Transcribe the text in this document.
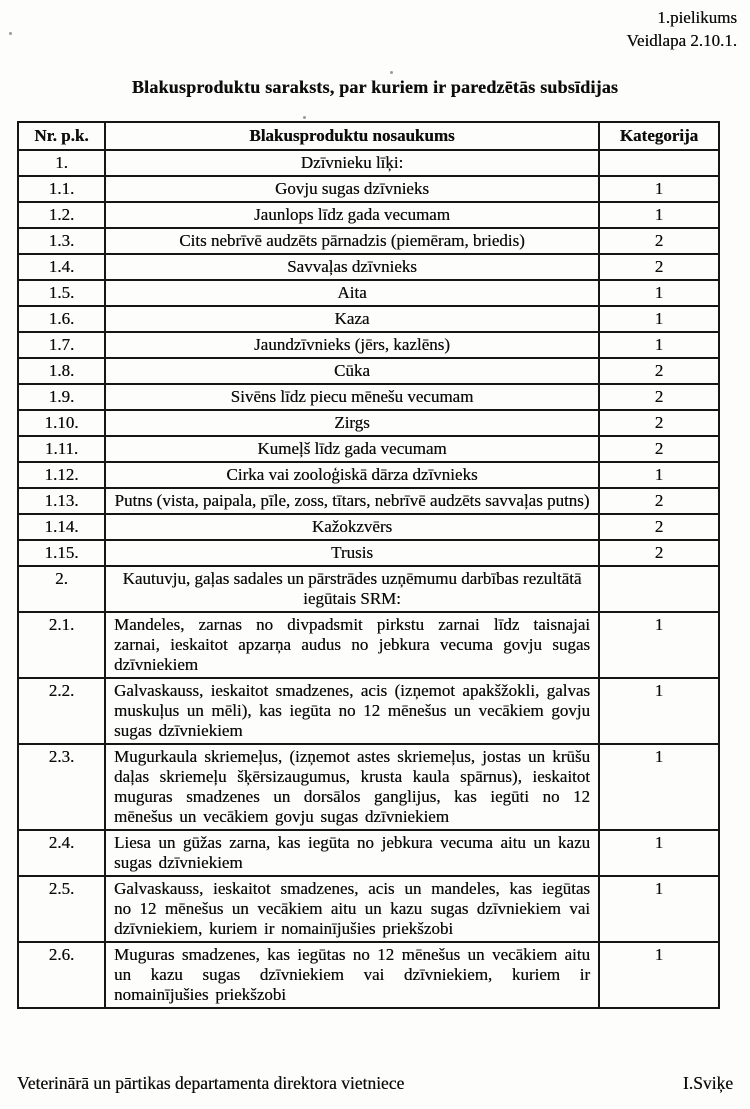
1.pielikums
Veidlapa 2.10.1.
Blakusproduktu saraksts, par kuriem ir paredzētās subsīdijas
Nr. p.k.	Blakusproduktu nosaukums	Kategorija
1.	Dzīvnieku līķi:	
1.1.	Govju sugas dzīvnieks	1
1.2.	Jaunlops līdz gada vecumam	1
1.3.	Cits nebrīvē audzēts pārnadzis (piemēram, briedis)	2
1.4.	Savvaļas dzīvnieks	2
1.5.	Aita	1
1.6.	Kaza	1
1.7.	Jaundzīvnieks (jērs, kazlēns)	1
1.8.	Cūka	2
1.9.	Sivēns līdz piecu mēnešu vecumam	2
1.10.	Zirgs	2
1.11.	Kumeļš līdz gada vecumam	2
1.12.	Cirka vai zooloģiskā dārza dzīvnieks	1
1.13.	Putns (vista, paipala, pīle, zoss, tītars, nebrīvē audzēts savvaļas putns)	2
1.14.	Kažokzvērs	2
1.15.	Trusis	2
2.	Kautuvju, gaļas sadales un pārstrādes uzņēmumu darbības rezultātā iegūtais SRM:	
2.1.	Mandeles, zarnas no divpadsmit pirkstu zarnai līdz taisnajai zarnai, ieskaitot apzarņa audus no jebkura vecuma govju sugas dzīvniekiem	1
2.2.	Galvaskauss, ieskaitot smadzenes, acis (izņemot apakšžokli, galvas muskuļus un mēli), kas iegūta no 12 mēnešus un vecākiem govju sugas dzīvniekiem	1
2.3.	Mugurkaula skriemeļus, (izņemot astes skriemeļus, jostas un krūšu daļas skriemeļu šķērsizaugumus, krusta kaula spārnus), ieskaitot muguras smadzenes un dorsālos ganglijus, kas iegūti no 12 mēnešus un vecākiem govju sugas dzīvniekiem	1
2.4.	Liesa un gūžas zarna, kas iegūta no jebkura vecuma aitu un kazu sugas dzīvniekiem	1
2.5.	Galvaskauss, ieskaitot smadzenes, acis un mandeles, kas iegūtas no 12 mēnešus un vecākiem aitu un kazu sugas dzīvniekiem vai dzīvniekiem, kuriem ir nomainījušies priekšzobi	1
2.6.	Muguras smadzenes, kas iegūtas no 12 mēnešus un vecākiem aitu un kazu sugas dzīvniekiem vai dzīvniekiem, kuriem ir nomainījušies priekšzobi	1
Veterinārā un pārtikas departamenta direktora vietniece	I.Sviķe
